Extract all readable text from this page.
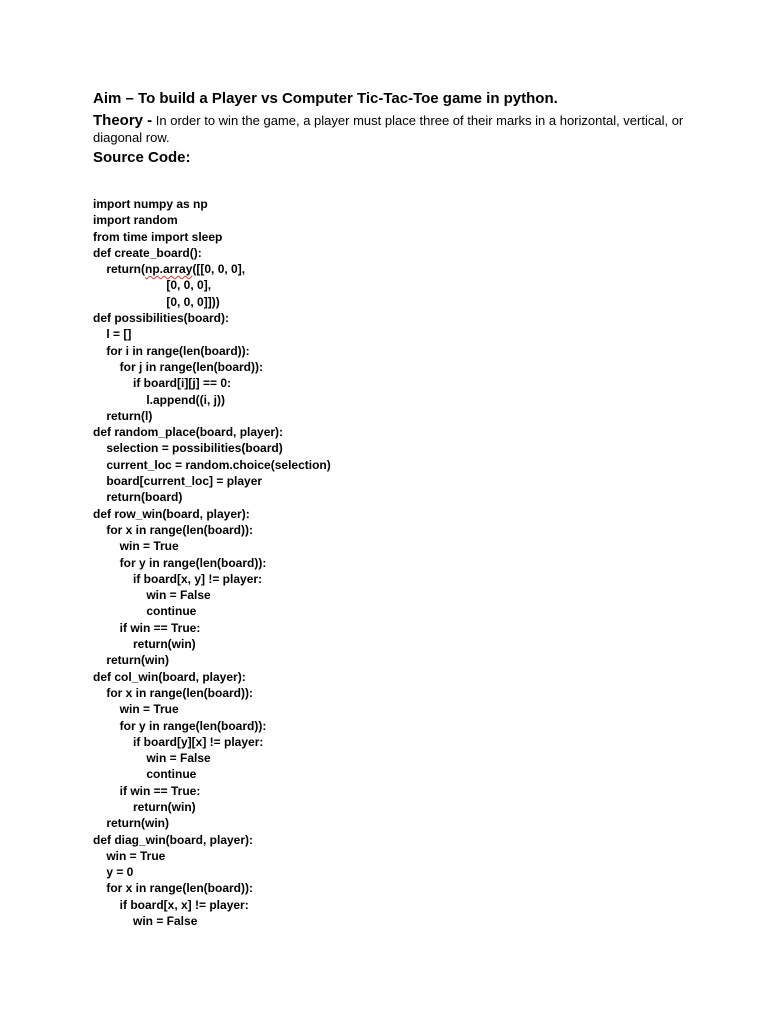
Aim – To build a Player vs Computer Tic-Tac-Toe game in python.
Theory - In order to win the game, a player must place three of their marks in a horizontal, vertical, or diagonal row.
Source Code:
import numpy as np
import random
from time import sleep
def create_board():
return(np.array([[0, 0, 0],
[0, 0, 0],
[0, 0, 0]]))
def possibilities(board):
l = []
for i in range(len(board)):
for j in range(len(board)):
if board[i][j] == 0:
l.append((i, j))
return(l)
def random_place(board, player):
selection = possibilities(board)
current_loc = random.choice(selection)
board[current_loc] = player
return(board)
def row_win(board, player):
for x in range(len(board)):
win = True
for y in range(len(board)):
if board[x, y] != player:
win = False
continue
if win == True:
return(win)
return(win)
def col_win(board, player):
for x in range(len(board)):
win = True
for y in range(len(board)):
if board[y][x] != player:
win = False
continue
if win == True:
return(win)
return(win)
def diag_win(board, player):
win = True
y = 0
for x in range(len(board)):
if board[x, x] != player:
win = False
